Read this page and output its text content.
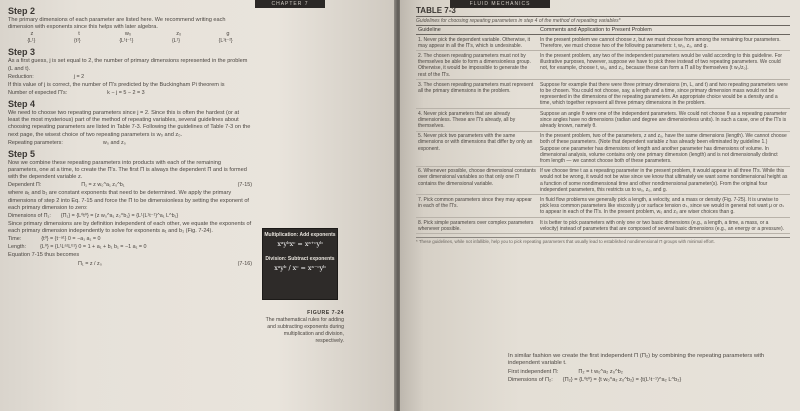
CHAPTER 7

Step 2

The primary dimensions of each parameter are listed here. We recommend writing each dimension with exponents since this helps with later algebra.

z	t	w₀	z₀	g
{L¹}	{t¹}	{L¹t⁻¹}	{L¹}	{L¹t⁻²}

Step 3

As a first guess, j is set equal to 2, the number of primary dimensions represented in the problem (L and t).

Reduction:	j = 2

If this value of j is correct, the number of Π's predicted by the Buckingham Pi theorem is

Number of expected Π's:	k − j = 5 − 2 = 3

Step 4

We need to choose two repeating parameters since j = 2. Since this is often the hardest (or at least the most mysterious) part of the method of repeating variables, several guidelines about choosing repeating parameters are listed in Table 7-3. Following the guidelines of Table 7-3 on the next page, the wisest choice of two repeating parameters is w₀ and z₀.

Repeating parameters:	w₀ and z₀

Step 5

Now we combine these repeating parameters into products with each of the remaining parameters, one at a time, to create the Π's. The first Π is always the dependent Π and is formed with the dependent variable z.

Dependent Π:	Π₁ = z w₀^a₁ z₀^b₁	(7-15)

where a₁ and b₁ are constant exponents that need to be determined. We apply the primary dimensions of step 2 into Eq. 7-15 and force the Π to be dimensionless by setting the exponent of each primary dimension to zero:

Dimensions of Π₁:	{Π₁} = {L⁰t⁰} = {z w₀^a₁ z₀^b₁} = {L¹(L¹t⁻¹)^a₁ L^b₁}

Since primary dimensions are by definition independent of each other, we equate the exponents of each primary dimension independently to solve for exponents a₁ and b₁ (Fig. 7-24).

Time:	{t⁰} = {t⁻ᵃ¹} 0 = −a₁ a₁ = 0
Length:	{L⁰} = {L¹Lᵃ¹Lᵇ¹} 0 = 1 + a₁ + b₁ b₁ = −1 a₁ = 0

Equation 7-15 thus becomes

Π₁ = z / z₀	(7-16)

Multiplication: Add exponents

xᵃyᵇxᶜ = xᵃ⁺ᶜyᵇ

Division: Subtract exponents

xᵃyᵇ / xᶜ = xᵃ⁻ᶜyᵇ

FIGURE 7-24
The mathematical rules for adding and subtracting exponents during multiplication and division, respectively.
FLUID MECHANICS

TABLE 7-3

Guidelines for choosing repeating parameters in step 4 of the method of repeating variables*

Guideline	Comments and Application to Present Problem
1. Never pick the dependent variable. Otherwise, it may appear in all the Π's, which is undesirable.	In the present problem we cannot choose z, but we must choose from among the remaining four parameters. Therefore, we must choose two of the following parameters: t, w₀, z₀, and g.
2. The chosen repeating parameters must not by themselves be able to form a dimensionless group. Otherwise, it would be impossible to generate the rest of the Π's.	In the present problem, any two of the independent parameters would be valid according to this guideline. For illustrative purposes, however, suppose we have to pick three instead of two repeating parameters. We could not, for example, choose t, w₀, and z₀, because these can form a Π all by themselves (t w₀/z₀).
3. The chosen repeating parameters must represent all the primary dimensions in the problem.	Suppose for example that there were three primary dimensions (m, L, and t) and two repeating parameters were to be chosen. You could not choose, say, a length and a time, since primary dimension mass would not be represented in the dimensions of the repeating parameters. An appropriate choice would be a density and a time, which together represent all three primary dimensions in the problem.
4. Never pick parameters that are already dimensionless. These are Π's already, all by themselves.	Suppose an angle θ were one of the independent parameters. We could not choose θ as a repeating parameter since angles have no dimensions (radian and degree are dimensionless units). In such a case, one of the Π's is already known, namely θ.
5. Never pick two parameters with the same dimensions or with dimensions that differ by only an exponent.	In the present problem, two of the parameters, z and z₀, have the same dimensions (length). We cannot choose both of these parameters. (Note that dependent variable z has already been eliminated by guideline 1.) Suppose one parameter has dimensions of length and another parameter has dimensions of volume. In dimensional analysis, volume contains only one primary dimension (length) and is not dimensionally distinct from length — we cannot choose both of these parameters.
6. Whenever possible, choose dimensional constants over dimensional variables so that only one Π contains the dimensional variable.	If we choose time t as a repeating parameter in the present problem, it would appear in all three Π's. While this would not be wrong, it would not be wise since we know that ultimately we want some nondimensional height as a function of some nondimensional time and other nondimensional parameter(s). From the original four independent parameters, this restricts us to w₀, z₀, and g.
7. Pick common parameters since they may appear in each of the Π's.	In fluid flow problems we generally pick a length, a velocity, and a mass or density (Fig. 7-25). It is unwise to pick less common parameters like viscosity μ or surface tension σₛ, since we would in general not want μ or σₛ to appear in each of the Π's. In the present problem, w₀ and z₀ are wiser choices than g.
8. Pick simple parameters over complex parameters whenever possible.	It is better to pick parameters with only one or two basic dimensions (e.g., a length, a time, a mass, or a velocity) instead of parameters that are composed of several basic dimensions (e.g., an energy or a pressure).
* These guidelines, while not infallible, help you to pick repeating parameters that usually lead to established nondimensional Π groups with minimal effort.

In similar fashion we create the first independent Π (Π₂) by combining the repeating parameters with independent variable t.

First independent Π:	Π₂ = t w₀^a₂ z₀^b₂
Dimensions of Π₂:	{Π₂} = {L⁰t⁰} = {t w₀^a₂ z₀^b₂} = {t(L¹t⁻¹)^a₂ L^b₂}
